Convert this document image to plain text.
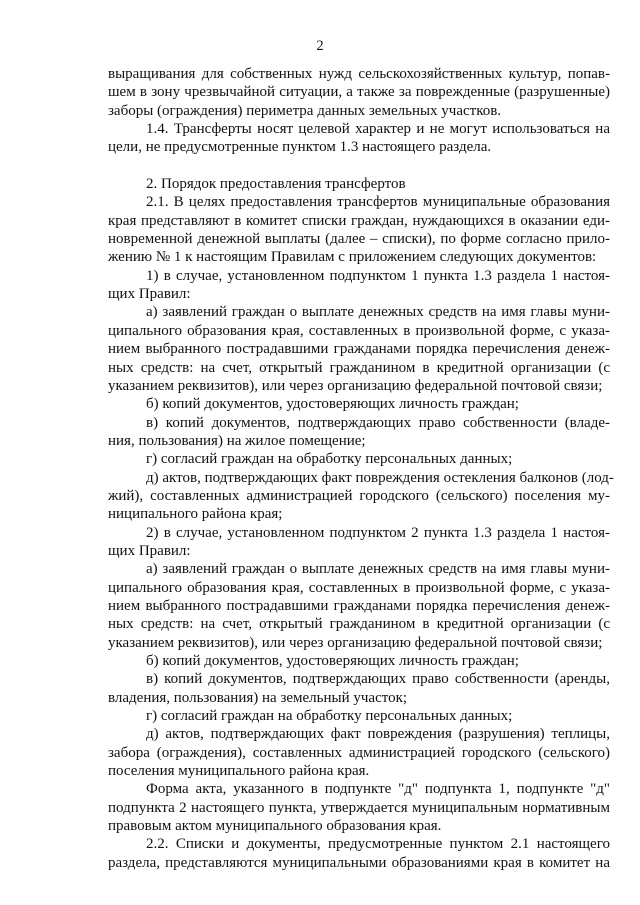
2
выращивания для собственных нужд сельскохозяйственных культур, попав-
шем в зону чрезвычайной ситуации, а также за поврежденные (разрушенные)
заборы (ограждения) периметра данных земельных участков.
1.4. Трансферты носят целевой характер и не могут использоваться на
цели, не предусмотренные пунктом 1.3 настоящего раздела.
2. Порядок предоставления трансфертов
2.1. В целях предоставления трансфертов муниципальные образования
края представляют в комитет списки граждан, нуждающихся в оказании еди-
новременной денежной выплаты (далее – списки), по форме согласно прило-
жению № 1 к настоящим Правилам с приложением следующих документов:
1) в случае, установленном подпунктом 1 пункта 1.3 раздела 1 настоя-
щих Правил:
а) заявлений граждан о выплате денежных средств на имя главы муни-
ципального образования края, составленных в произвольной форме, с указа-
нием выбранного пострадавшими гражданами порядка перечисления денеж-
ных средств: на счет, открытый гражданином в кредитной организации (с
указанием реквизитов), или через организацию федеральной почтовой связи;
б) копий документов, удостоверяющих личность граждан;
в) копий документов, подтверждающих право собственности (владе-
ния, пользования) на жилое помещение;
г) согласий граждан на обработку персональных данных;
д) актов, подтверждающих факт повреждения остекления балконов (лод-
жий), составленных администрацией городского (сельского) поселения му-
ниципального района края;
2) в случае, установленном подпунктом 2 пункта 1.3 раздела 1 настоя-
щих Правил:
а) заявлений граждан о выплате денежных средств на имя главы муни-
ципального образования края, составленных в произвольной форме, с указа-
нием выбранного пострадавшими гражданами порядка перечисления денеж-
ных средств: на счет, открытый гражданином в кредитной организации (с
указанием реквизитов), или через организацию федеральной почтовой связи;
б) копий документов, удостоверяющих личность граждан;
в) копий документов, подтверждающих право собственности (аренды,
владения, пользования) на земельный участок;
г) согласий граждан на обработку персональных данных;
д) актов, подтверждающих факт повреждения (разрушения) теплицы,
забора (ограждения), составленных администрацией городского (сельского)
поселения муниципального района края.
Форма акта, указанного в подпункте "д" подпункта 1, подпункте "д"
подпункта 2 настоящего пункта, утверждается муниципальным нормативным
правовым актом муниципального образования края.
2.2. Списки и документы, предусмотренные пунктом 2.1 настоящего
раздела, представляются муниципальными образованиями края в комитет на
